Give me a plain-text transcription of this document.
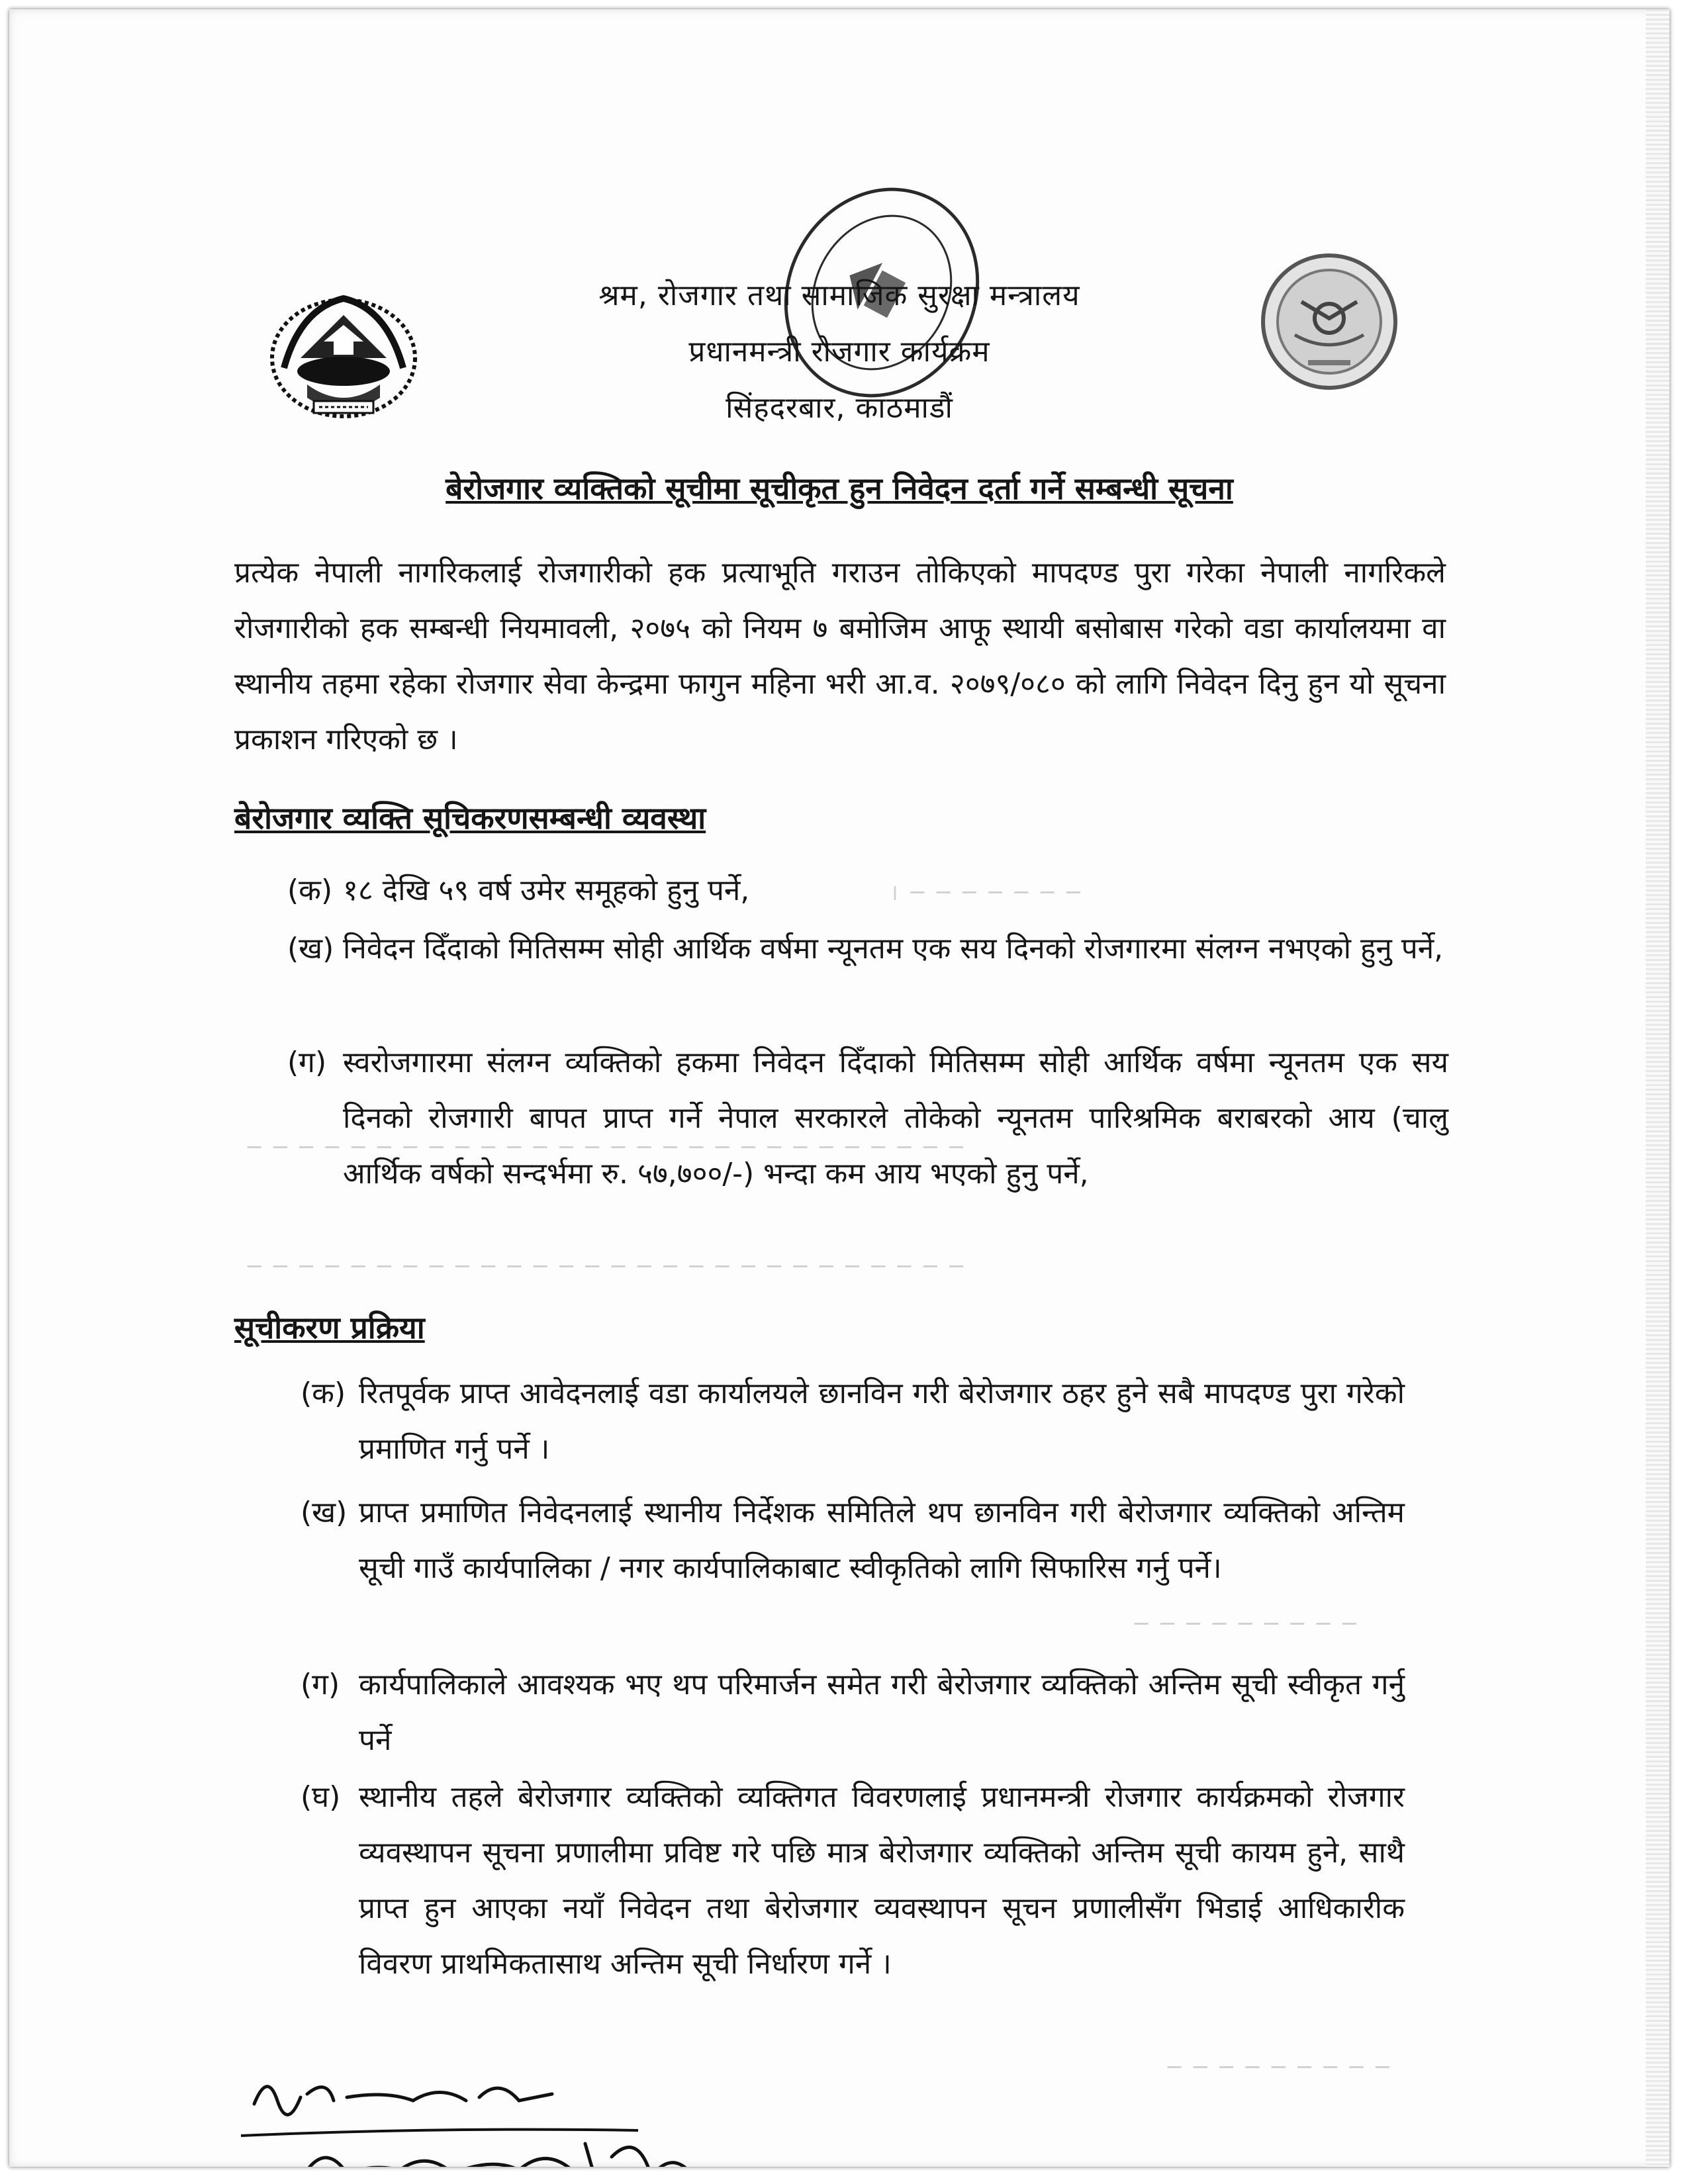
श्रम, रोजगार तथा सामाजिक सुरक्षा मन्त्रालय
प्रधानमन्त्री रोजगार कार्यक्रम
सिंहदरबार, काठमाडौं
बेरोजगार व्यक्तिको सूचीमा सूचीकृत हुन निवेदन दर्ता गर्ने सम्बन्धी सूचना
प्रत्येक नेपाली नागरिकलाई रोजगारीको हक प्रत्याभूति गराउन तोकिएको मापदण्ड पुरा गरेका नेपाली नागरिकले रोजगारीको हक सम्बन्धी नियमावली, २०७५ को नियम ७ बमोजिम आफू स्थायी बसोबास गरेको वडा कार्यालयमा वा स्थानीय तहमा रहेका रोजगार सेवा केन्द्रमा फागुन महिना भरी आ.व. २०७९/०८० को लागि निवेदन दिनु हुन यो सूचना प्रकाशन गरिएको छ ।
बेरोजगार व्यक्ति सूचिकरणसम्बन्धी व्यवस्था
(क) १८ देखि ५९ वर्ष उमेर समूहको हुनु पर्ने,
(ख) निवेदन दिँदाको मितिसम्म सोही आर्थिक वर्षमा न्यूनतम एक सय दिनको रोजगारमा संलग्न नभएको हुनु पर्ने,
(ग) स्वरोजगारमा संलग्न व्यक्तिको हकमा निवेदन दिँदाको मितिसम्म सोही आर्थिक वर्षमा न्यूनतम एक सय दिनको रोजगारी बापत प्राप्त गर्ने नेपाल सरकारले तोकेको न्यूनतम पारिश्रमिक बराबरको आय (चालु आर्थिक वर्षको सन्दर्भमा रु. ५७,७००/-) भन्दा कम आय भएको हुनु पर्ने,
सूचीकरण प्रक्रिया
(क) रितपूर्वक प्राप्त आवेदनलाई वडा कार्यालयले छानविन गरी बेरोजगार ठहर हुने सबै मापदण्ड पुरा गरेको प्रमाणित गर्नु पर्ने ।
(ख) प्राप्त प्रमाणित निवेदनलाई स्थानीय निर्देशक समितिले थप छानविन गरी बेरोजगार व्यक्तिको अन्तिम सूची गाउँ कार्यपालिका / नगर कार्यपालिकाबाट स्वीकृतिको लागि सिफारिस गर्नु पर्ने।
(ग) कार्यपालिकाले आवश्यक भए थप परिमार्जन समेत गरी बेरोजगार व्यक्तिको अन्तिम सूची स्वीकृत गर्नु पर्ने
(घ) स्थानीय तहले बेरोजगार व्यक्तिको व्यक्तिगत विवरणलाई प्रधानमन्त्री रोजगार कार्यक्रमको रोजगार व्यवस्थापन सूचना प्रणालीमा प्रविष्ट गरे पछि मात्र बेरोजगार व्यक्तिको अन्तिम सूची कायम हुने, साथै प्राप्त हुन आएका नयाँ निवेदन तथा बेरोजगार व्यवस्थापन सूचन प्रणालीसँग भिडाई आधिकारीक विवरण प्राथमिकतासाथ अन्तिम सूची निर्धारण गर्ने ।
। ─ ─ ─ ─ ─ ─ ─
─ ─ ─ ─ ─ ─ ─ ─ ─ ─ ─ ─ ─ ─ ─ ─ ─ ─ ─ ─ ─ ─ ─ ─ ─ ─ ─ ─
─ ─ ─ ─ ─ ─ ─ ─ ─ ─ ─ ─ ─ ─ ─ ─ ─ ─ ─ ─ ─ ─ ─ ─ ─ ─ ─ ─
─ ─ ─ ─ ─ ─ ─ ─ ─
─ ─ ─ ─ ─ ─ ─ ─ ─
